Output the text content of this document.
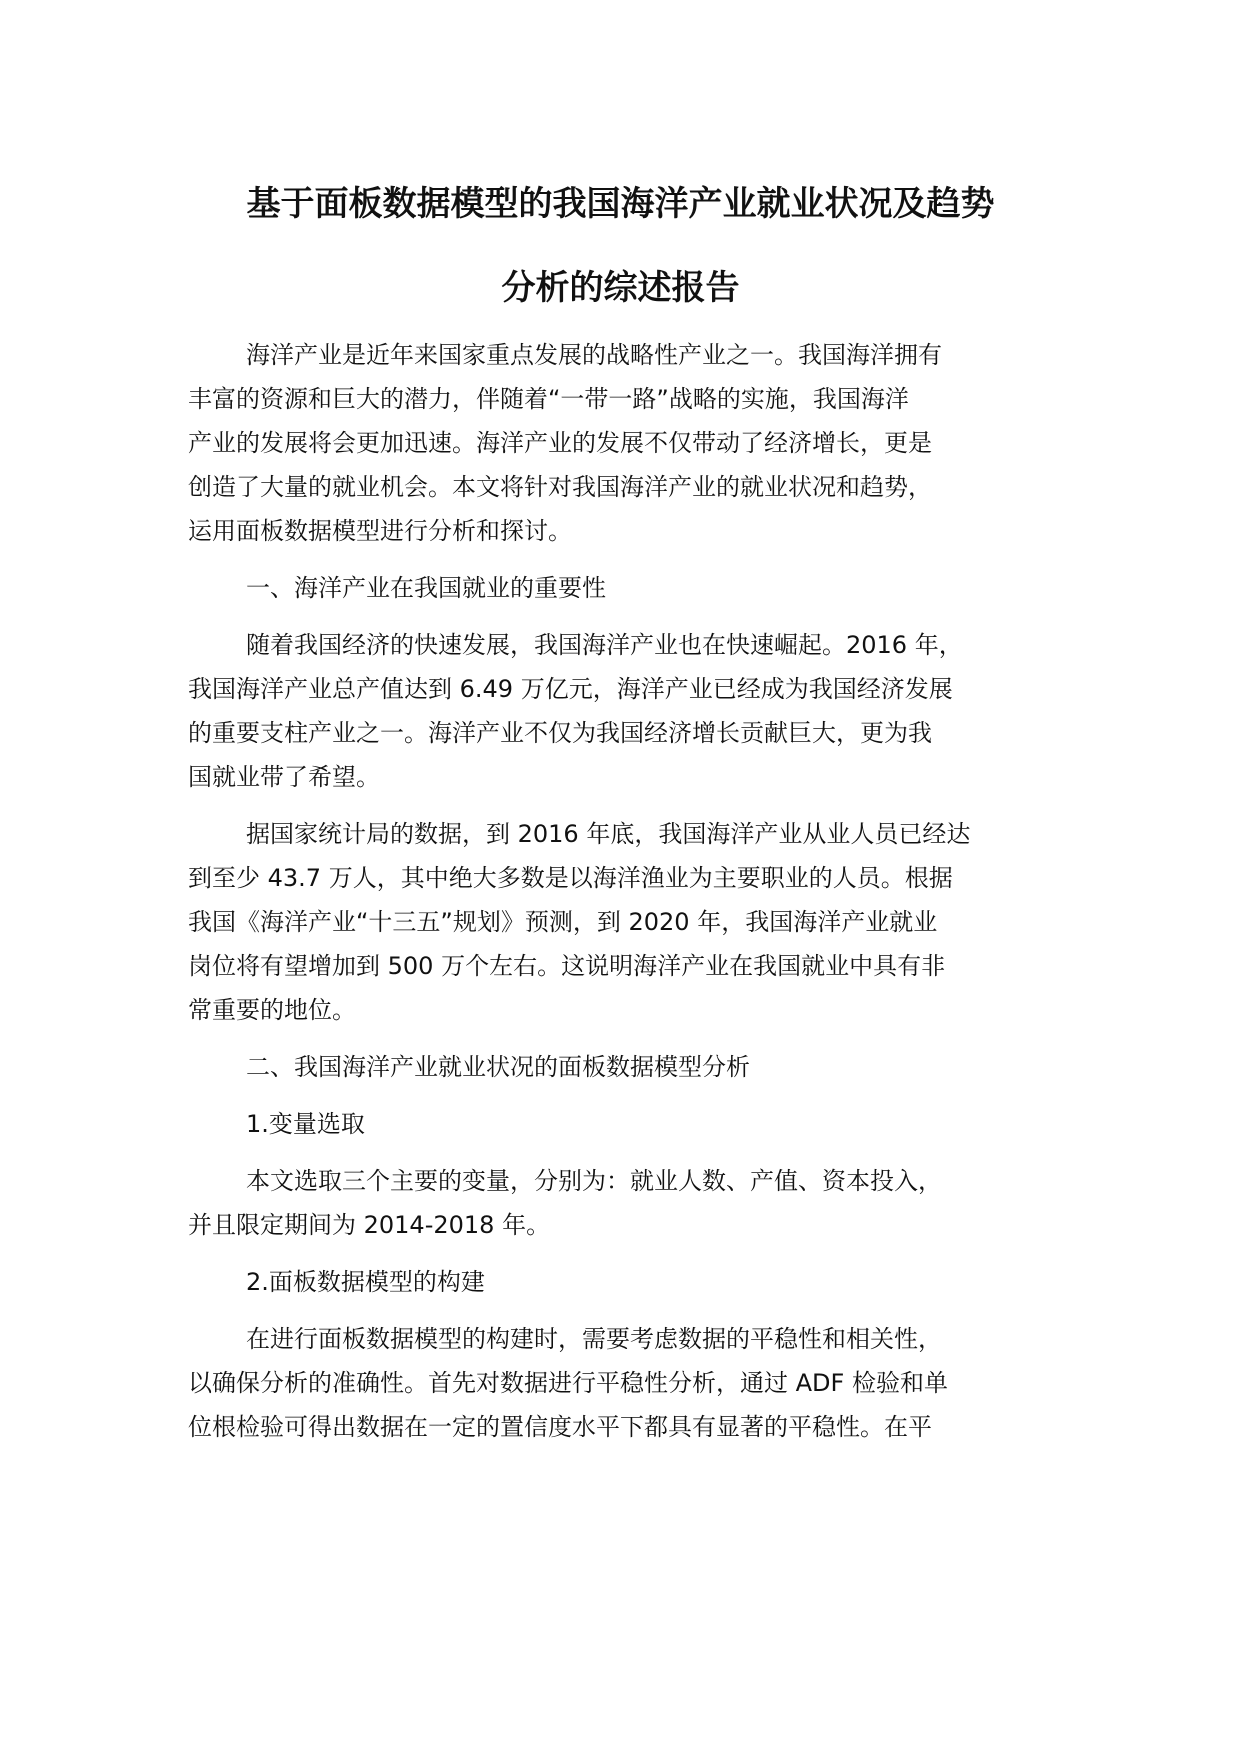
基于面板数据模型的我国海洋产业就业状况及趋势
分析的综述报告
海洋产业是近年来国家重点发展的战略性产业之一。我国海洋拥有
丰富的资源和巨大的潜力，伴随着“一带一路”战略的实施，我国海洋
产业的发展将会更加迅速。海洋产业的发展不仅带动了经济增长，更是
创造了大量的就业机会。本文将针对我国海洋产业的就业状况和趋势，
运用面板数据模型进行分析和探讨。
一、海洋产业在我国就业的重要性
随着我国经济的快速发展，我国海洋产业也在快速崛起。2016 年，
我国海洋产业总产值达到 6.49 万亿元，海洋产业已经成为我国经济发展
的重要支柱产业之一。海洋产业不仅为我国经济增长贡献巨大，更为我
国就业带了希望。
据国家统计局的数据，到 2016 年底，我国海洋产业从业人员已经达
到至少 43.7 万人，其中绝大多数是以海洋渔业为主要职业的人员。根据
我国《海洋产业“十三五”规划》预测，到 2020 年，我国海洋产业就业
岗位将有望增加到 500 万个左右。这说明海洋产业在我国就业中具有非
常重要的地位。
二、我国海洋产业就业状况的面板数据模型分析
1.变量选取
本文选取三个主要的变量，分别为：就业人数、产值、资本投入，
并且限定期间为 2014-2018 年。
2.面板数据模型的构建
在进行面板数据模型的构建时，需要考虑数据的平稳性和相关性，
以确保分析的准确性。首先对数据进行平稳性分析，通过 ADF 检验和单
位根检验可得出数据在一定的置信度水平下都具有显著的平稳性。在平
